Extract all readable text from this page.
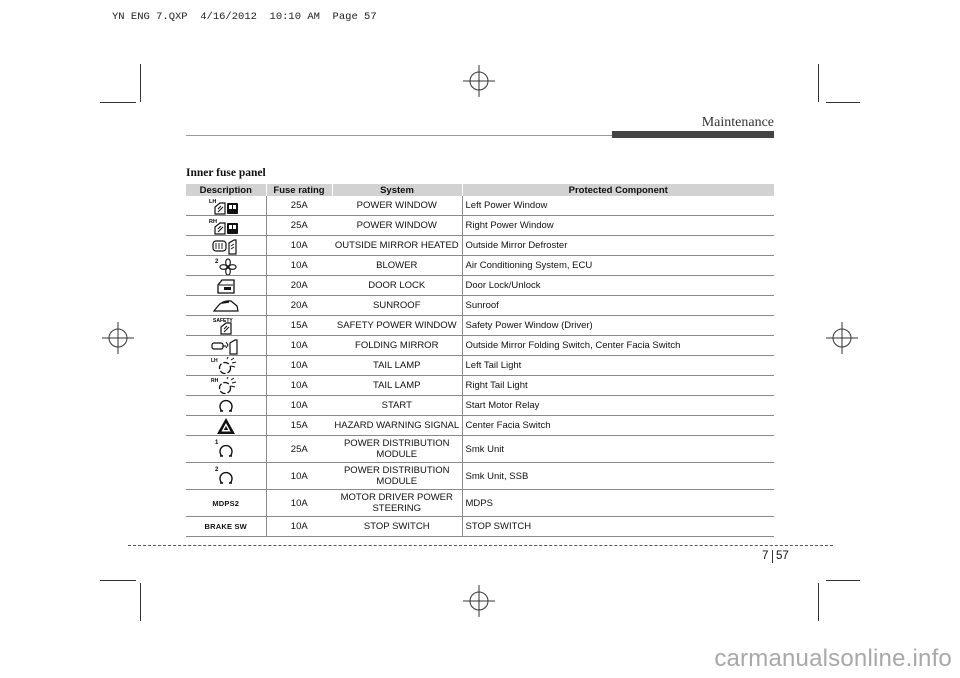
YN ENG 7.QXP  4/16/2012  10:10 AM  Page 57
Maintenance
Inner fuse panel
Description	Fuse rating	System	Protected Component

LH	25A	POWER WINDOW	Left Power Window

RH	25A	POWER WINDOW	Right Power Window

	10A	OUTSIDE MIRROR HEATED	Outside Mirror Defroster

2	10A	BLOWER	Air Conditioning System, ECU

	20A	DOOR LOCK	Door Lock/Unlock

	20A	SUNROOF	Sunroof

SAFETY	15A	SAFETY POWER WINDOW	Safety Power Window (Driver)

	10A	FOLDING MIRROR	Outside Mirror Folding Switch, Center Facia Switch

LH	10A	TAIL LAMP	Left Tail Light

RH	10A	TAIL LAMP	Right Tail Light

	10A	START	Start Motor Relay

	15A	HAZARD WARNING SIGNAL	Center Facia Switch

1	25A	POWER DISTRIBUTION MODULE	Smk Unit

2	10A	POWER DISTRIBUTION MODULE	Smk Unit, SSB
MDPS2	10A	MOTOR DRIVER POWER STEERING	MDPS
BRAKE SW	10A	STOP SWITCH	STOP SWITCH
7 57
carmanualsonline.info
